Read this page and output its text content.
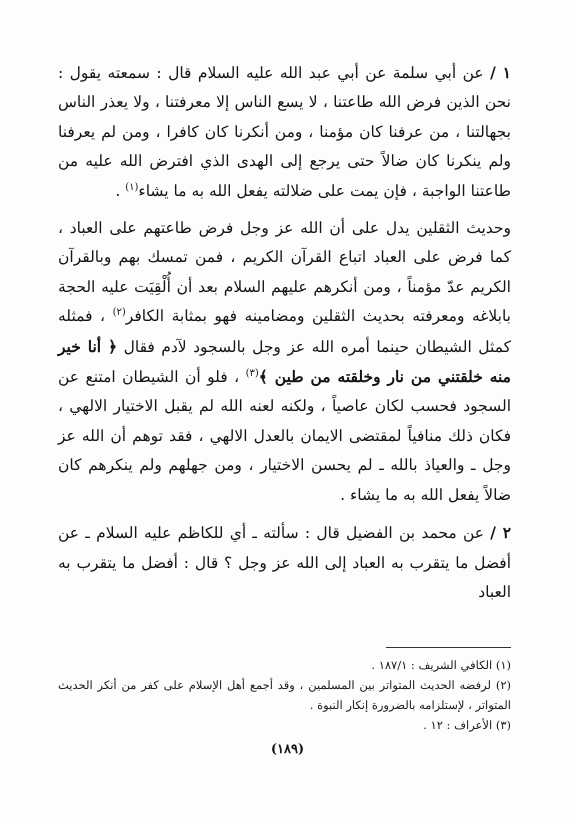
١ / عن أبي سلمة عن أبي عبد الله عليه السلام قال : سمعته يقول : نحن الذين فرض الله طاعتنا ، لا يسع الناس إلا معرفتنا ، ولا يعذر الناس بجهالتنا ، من عرفنا كان مؤمنا ، ومن أنكرنا كان كافرا ، ومن لم يعرفنا ولم ينكرنا كان ضالاً حتى يرجع إلى الهدى الذي افترض الله عليه من طاعتنا الواجبة ، فإن يمت على ضلالته يفعل الله به ما يشاء$^{(١)}$ .

وحديث الثقلين يدل على أن الله عز وجل فرض طاعتهم على العباد ، كما فرض على العباد اتباع القرآن الكريم ، فمن تمسك بهم وبالقرآن الكريم عدّ مؤمناً ، ومن أنكرهم عليهم السلام بعد أن أُلْقِيَت عليه الحجة بابلاغه ومعرفته بحديث الثقلين ومضامينه فهو بمثابة الكافر$^{(٢)}$ ، فمثله كمثل الشيطان حينما أمره الله عز وجل بالسجود لآدم فقال ﴿ أنا خير منه خلقتني من نار وخلقته من طين ﴾$^{(٣)}$ ، فلو أن الشيطان امتنع عن السجود فحسب لكان عاصياً ، ولكنه لعنه الله لم يقبل الاختيار الالهي ، فكان ذلك منافياً لمقتضى الايمان بالعدل الالهي ، فقد توهم أن الله عز وجل ـ والعياذ بالله ـ لم يحسن الاختيار ، ومن جهلهم ولم ينكرهم كان ضالاً يفعل الله به ما يشاء .

٢ / عن محمد بن الفضيل قال : سألته ـ أي للكاظم عليه السلام ـ عن أفضل ما يتقرب به العباد إلى الله عز وجل ؟ قال : أفضل ما يتقرب به العباد

(١) الكافي الشريف : ١٨٧/١ .

(٢) لرفضه الحديث المتواتر بين المسلمين ، وقد أجمع أهل الإسلام على كفر من أنكر الحديث المتواتر ، لإستلزامه بالضرورة إنكار النبوة .

(٣) الأعراف : ١٢ .

(١٨٩)
